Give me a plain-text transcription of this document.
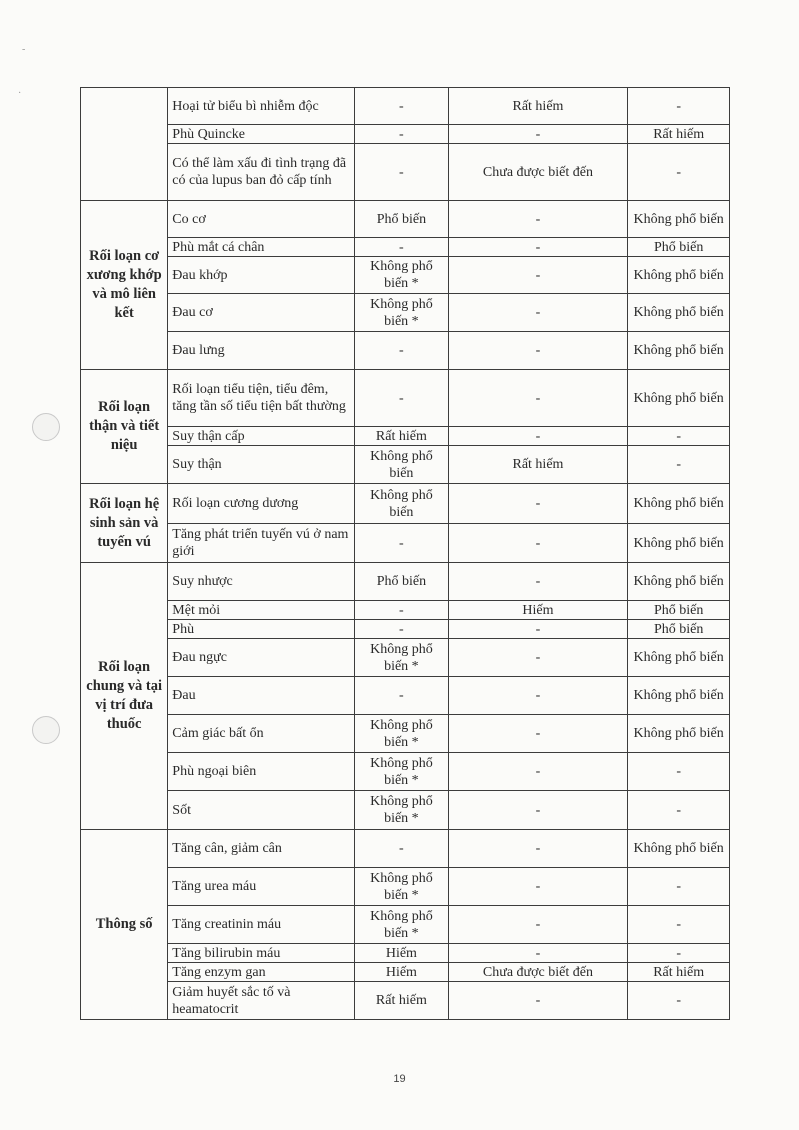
-
·
	Hoại tử biểu bì nhiễm độc	-	Rất hiếm	-
	Phù Quincke	-	-	Rất hiếm
	Có thể làm xấu đi tình trạng đã có của lupus ban đỏ cấp tính	-	Chưa được biết đến	-
Rối loạn cơ xương khớp và mô liên kết	Co cơ	Phổ biến	-	Không phổ biến
	Phù mắt cá chân	-	-	Phổ biến
	Đau khớp	Không phổ biến *	-	Không phổ biến
	Đau cơ	Không phổ biến *	-	Không phổ biến
	Đau lưng	-	-	Không phổ biến
Rối loạn thận và tiết niệu	Rối loạn tiểu tiện, tiểu đêm, tăng tần số tiểu tiện bất thường	-	-	Không phổ biến
	Suy thận cấp	Rất hiếm	-	-
	Suy thận	Không phổ biến	Rất hiếm	-
Rối loạn hệ sinh sản và tuyến vú	Rối loạn cương dương	Không phổ biến	-	Không phổ biến
	Tăng phát triển tuyến vú ở nam giới	-	-	Không phổ biến
Rối loạn chung và tại vị trí đưa thuốc	Suy nhược	Phổ biến	-	Không phổ biến
	Mệt mỏi	-	Hiếm	Phổ biến
	Phù	-	-	Phổ biến
	Đau ngực	Không phổ biến *	-	Không phổ biến
	Đau	-	-	Không phổ biến
	Cảm giác bất ổn	Không phổ biến *	-	Không phổ biến
	Phù ngoại biên	Không phổ biến *	-	-
	Sốt	Không phổ biến *	-	-
Thông số	Tăng cân, giảm cân	-	-	Không phổ biến
	Tăng urea máu	Không phổ biến *	-	-
	Tăng creatinin máu	Không phổ biến *	-	-
	Tăng bilirubin máu	Hiếm	-	-
	Tăng enzym gan	Hiếm	Chưa được biết đến	Rất hiếm
	Giảm huyết sắc tố và heamatocrit	Rất hiếm	-	-
19
